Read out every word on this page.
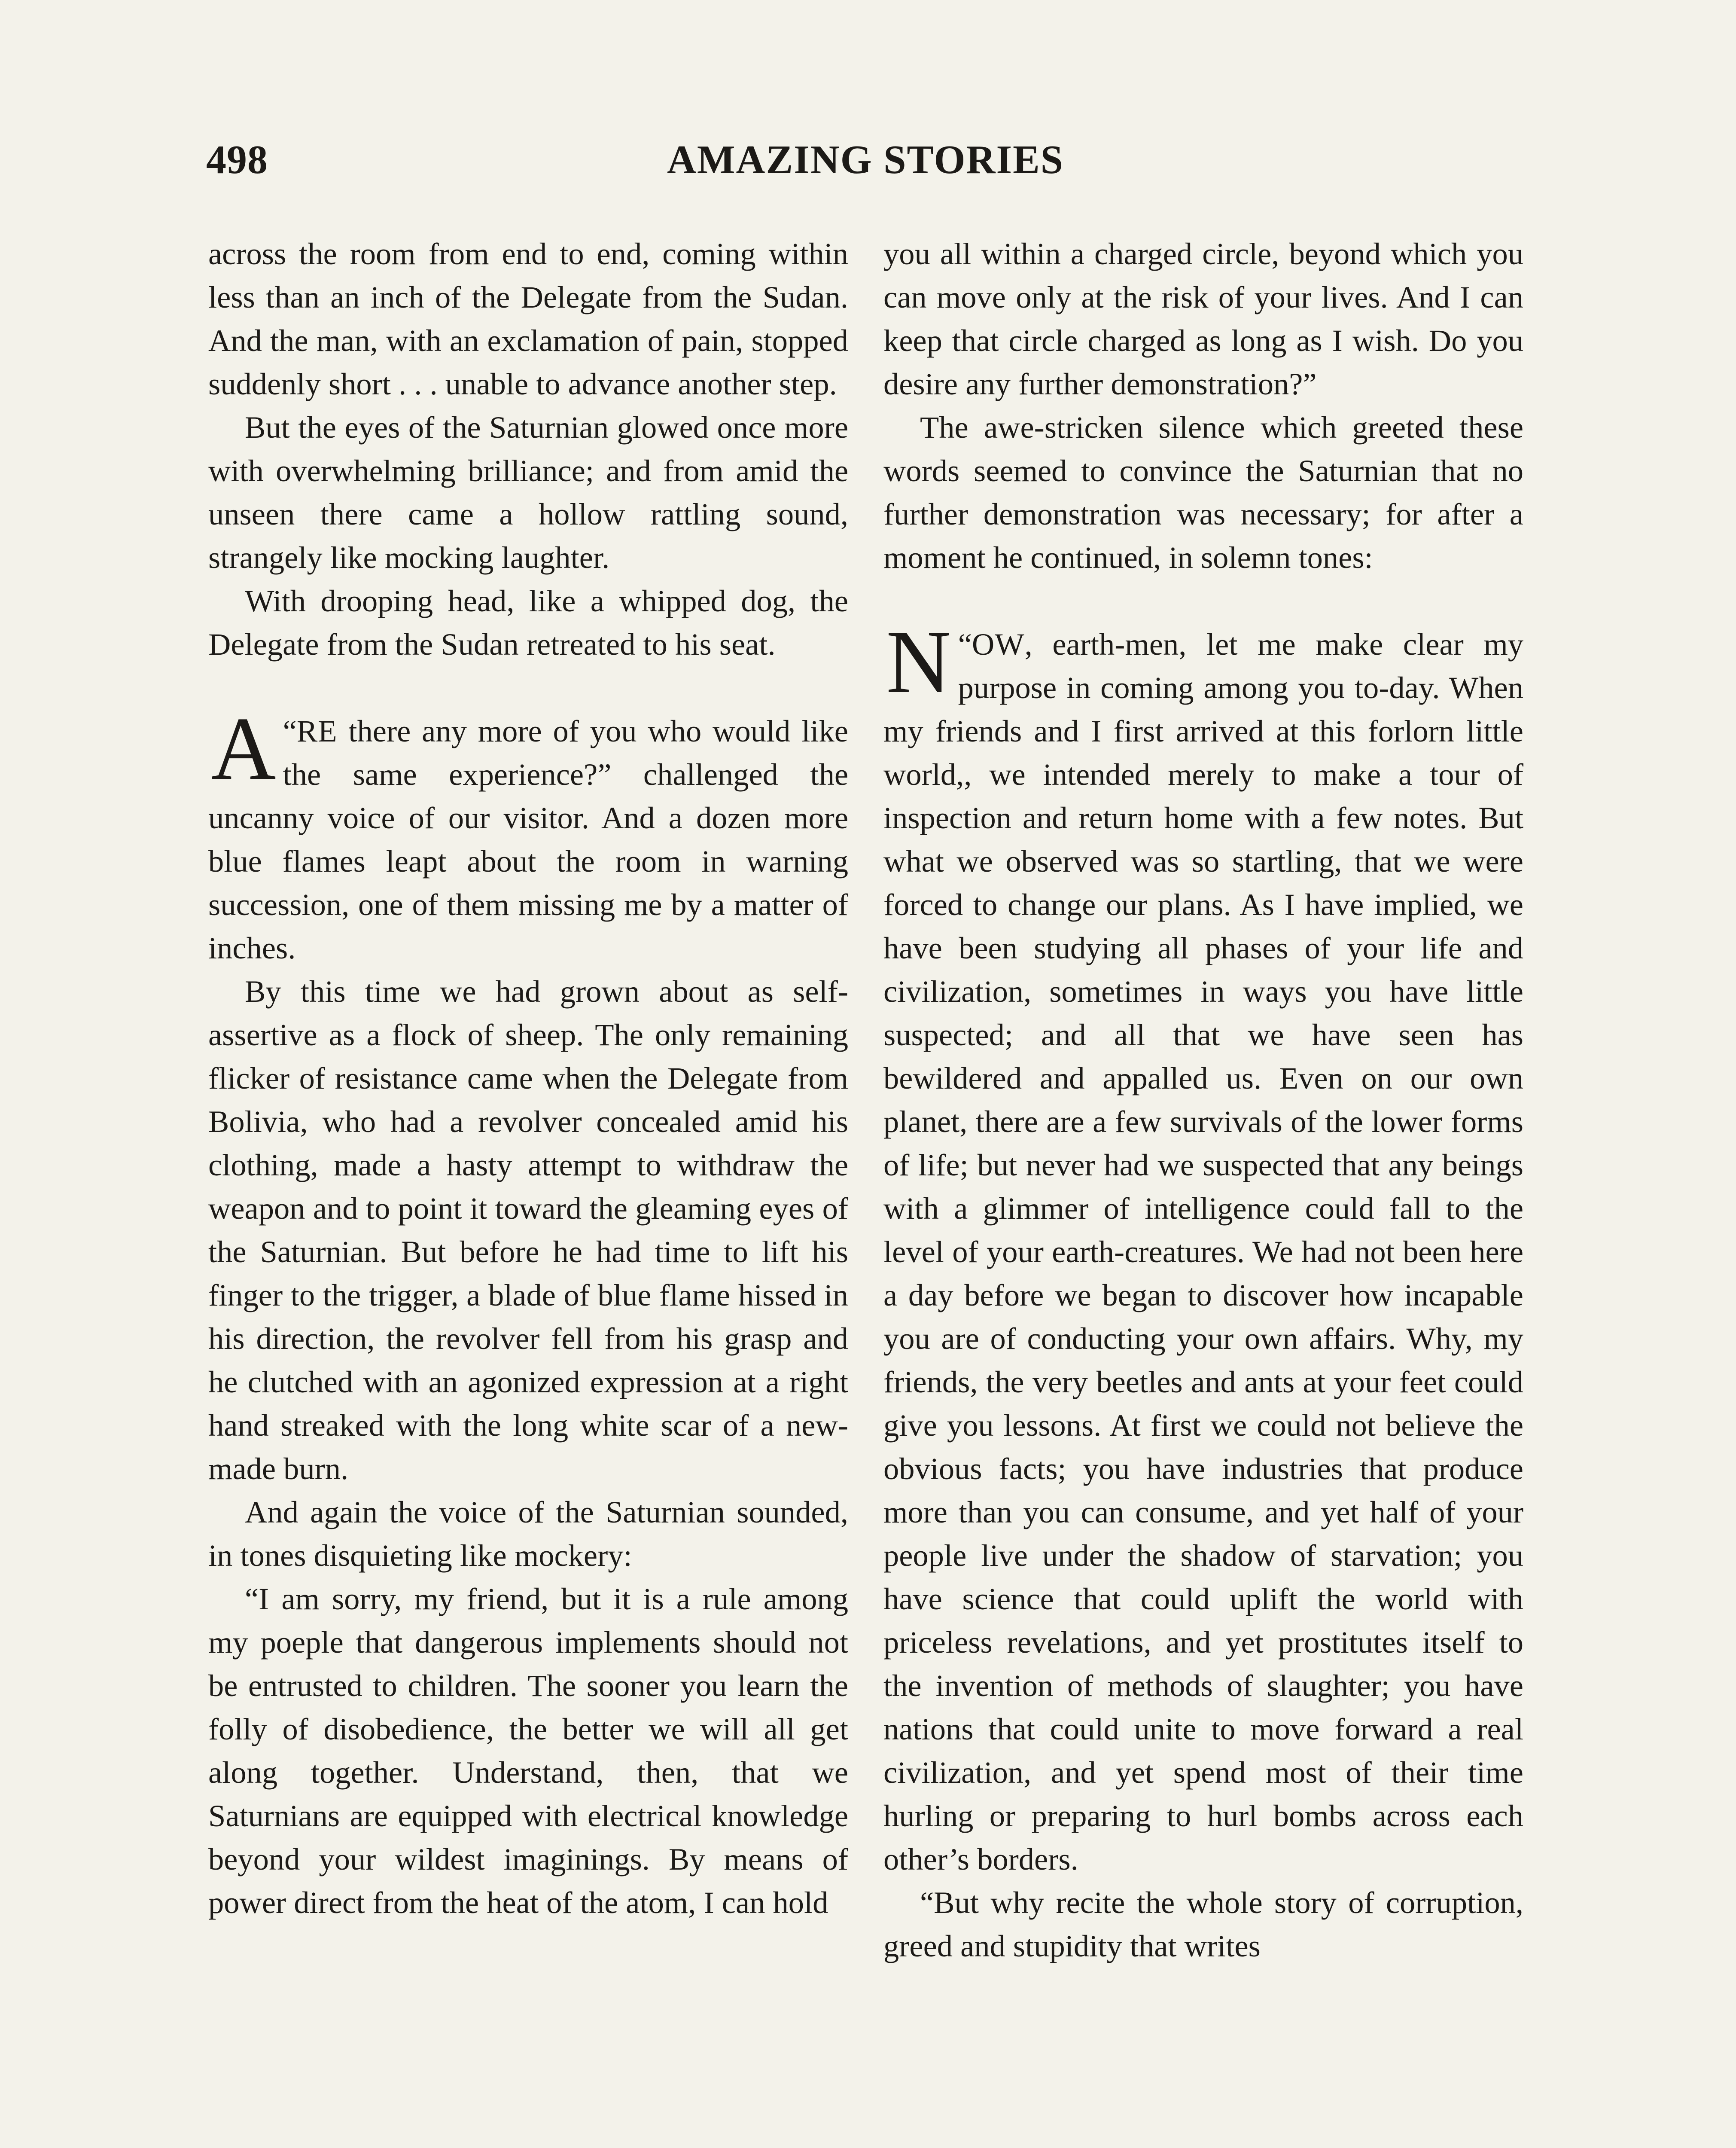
498	AMAZING STORIES

across the room from end to end, coming within less than an inch of the Delegate from the Sudan. And the man, with an exclamation of pain, stopped suddenly short . . . unable to advance another step.

But the eyes of the Saturnian glowed once more with overwhelming brilliance; and from amid the unseen there came a hollow rattling sound, strangely like mocking laughter.

With drooping head, like a whipped dog, the Delegate from the Sudan retreated to his seat.

“
A RE there any more of you who would like the same experience?” challenged the uncanny voice of our visitor. And a dozen more blue flames leapt about the room in warning succession, one of them missing me by a matter of inches.

By this time we had grown about as self-assertive as a flock of sheep. The only remaining flicker of resistance came when the Delegate from Bolivia, who had a revolver concealed amid his clothing, made a hasty attempt to withdraw the weapon and to point it toward the gleaming eyes of the Saturnian. But before he had time to lift his finger to the trigger, a blade of blue flame hissed in his direction, the revolver fell from his grasp and he clutched with an agonized expression at a right hand streaked with the long white scar of a new-made burn.

And again the voice of the Saturnian sounded, in tones disquieting like mockery:

“I am sorry, my friend, but it is a rule among my poeple that dangerous implements should not be entrusted to children. The sooner you learn the folly of disobedience, the better we will all get along together. Understand, then, that we Saturnians are equipped with electrical knowledge beyond your wildest imaginings. By means of power direct from the heat of the atom, I can hold

you all within a charged circle, beyond which you can move only at the risk of your lives. And I can keep that circle charged as long as I wish. Do you desire any further demonstration?”

The awe-stricken silence which greeted these words seemed to convince the Saturnian that no further demonstration was necessary; for after a moment he continued, in solemn tones:

“
N OW, earth-men, let me make clear my purpose in coming among you to-day. When my friends and I first arrived at this forlorn little world,, we intended merely to make a tour of inspection and return home with a few notes. But what we observed was so startling, that we were forced to change our plans. As I have implied, we have been studying all phases of your life and civilization, sometimes in ways you have little suspected; and all that we have seen has bewildered and appalled us. Even on our own planet, there are a few survivals of the lower forms of life; but never had we suspected that any beings with a glimmer of intelligence could fall to the level of your earth-creatures. We had not been here a day before we began to discover how incapable you are of conducting your own affairs. Why, my friends, the very beetles and ants at your feet could give you lessons. At first we could not believe the obvious facts; you have industries that produce more than you can consume, and yet half of your people live under the shadow of starvation; you have science that could uplift the world with priceless revelations, and yet prostitutes itself to the invention of methods of slaughter; you have nations that could unite to move forward a real civilization, and yet spend most of their time hurling or preparing to hurl bombs across each other’s borders.

“But why recite the whole story of corruption, greed and stupidity that writes
